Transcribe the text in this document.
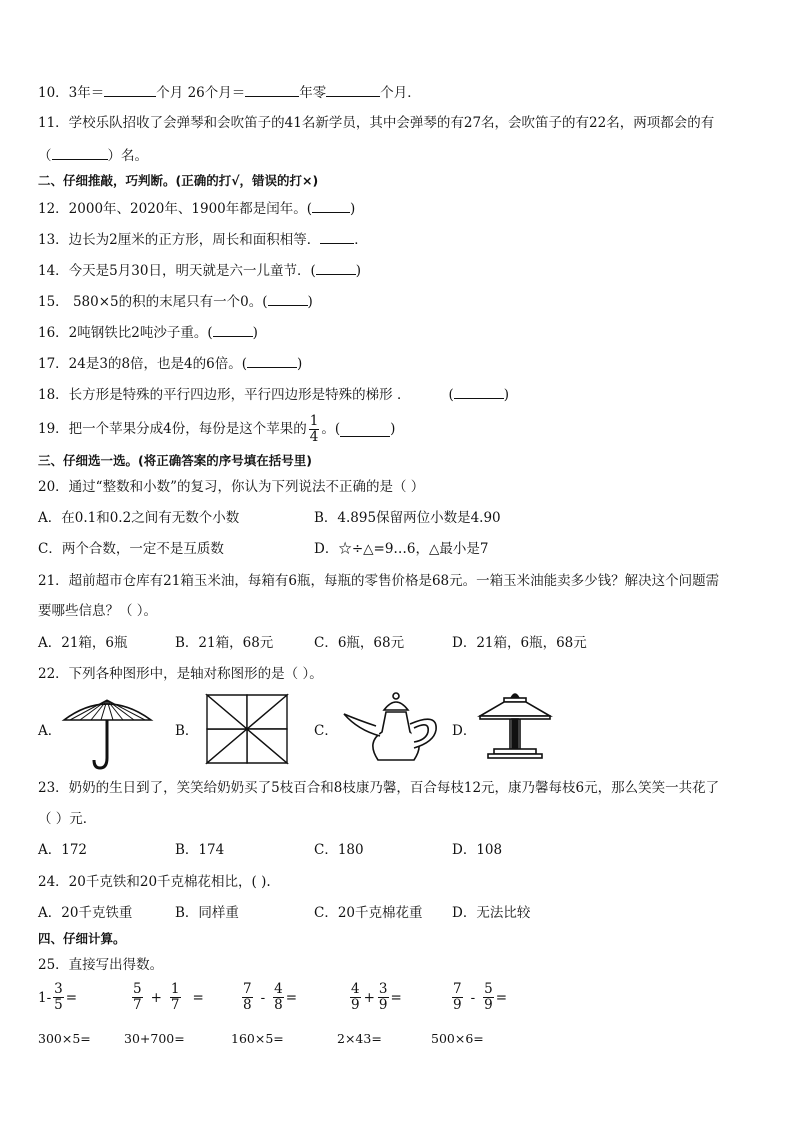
10．3年＝	个月 26个月＝	年零	个月．
11．学校乐队招收了会弹琴和会吹笛子的41名新学员，其中会弹琴的有27名，会吹笛子的有22名，两项都会的有
（	）名。
二、仔细推敲，巧判断。(正确的打√，错误的打×)
12．2000年、2020年、1900年都是闰年。(	)
13．边长为2厘米的正方形，周长和面积相等．	．
14．今天是5月30日，明天就是六一儿童节．(	)
15． 580×5的积的末尾只有一个0。(	)
16．2吨钢铁比2吨沙子重。(	)
17．24是3的8倍，也是4的6倍。(	)
18．长方形是特殊的平行四边形，平行四边形是特殊的梯形 ．	(	)
19．把一个苹果分成4份，每份是这个苹果的 $\frac{1}{4}$ 。(	)
三、仔细选一选。(将正确答案的序号填在括号里)
20．通过“整数和小数”的复习，你认为下列说法不正确的是（ ）
A．在0.1和0.2之间有无数个小数	B．4.895保留两位小数是4.90
C．两个合数，一定不是互质数	D．☆÷△=9…6，△最小是7
21．超前超市仓库有21箱玉米油，每箱有6瓶，每瓶的零售价格是68元。一箱玉米油能卖多少钱？解决这个问题需
要哪些信息？（ ）。
A．21箱，6瓶	B．21箱，68元	C．6瓶，68元	D．21箱，6瓶，68元
22．下列各种图形中，是轴对称图形的是（ ）。
A．	B．	C．	D．
23．奶奶的生日到了，笑笑给奶奶买了5枝百合和8枝康乃馨，百合每枝12元，康乃馨每枝6元，那么笑笑一共花了
（ ）元．
A．172	B．174	C．180	D．108
24．20千克铁和20千克棉花相比，( ).
A．20千克铁重	B．同样重	C．20千克棉花重 D．无法比较
四、仔细计算。
25．直接写出得数。
$1- \frac{3}{5}$ =	$\frac{5}{7} + \frac{1}{7}$ =	$\frac{7}{8} - \frac{4}{8}$ =	$\frac{4}{9} + \frac{3}{9}$ =	$\frac{7}{9} - \frac{5}{9}$ =
300×5=	30+700=	160×5=	2×43=	500×6=
